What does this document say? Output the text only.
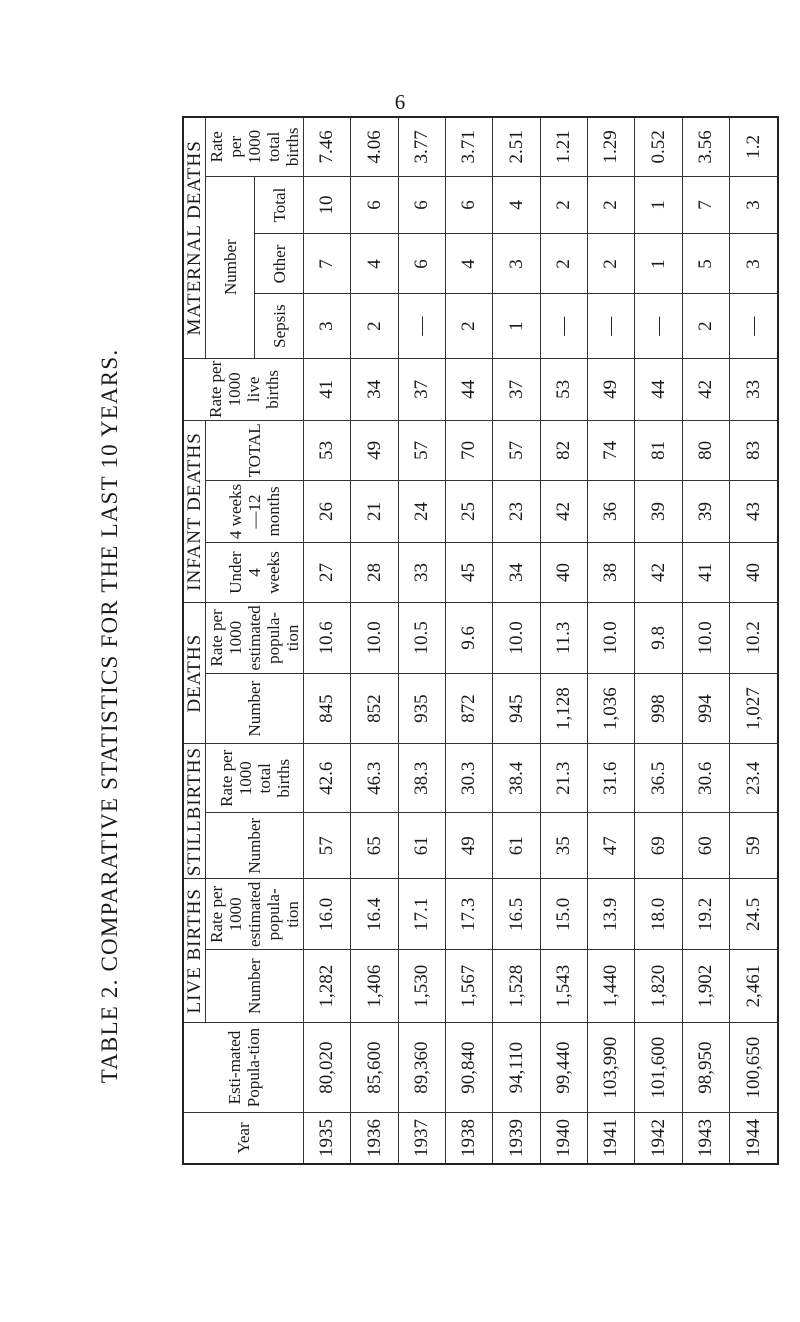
6
TABLE 2. COMPARATIVE STATISTICS FOR THE LAST 10 YEARS.
Year	Esti-mated Popula-tion	LIVE BIRTHS		STILLBIRTHS		DEATHS		INFANT DEATHS			Rate per 1000 live births	MATERNAL DEATHS			
		Number	Rate per 1000 estimated popula-tion	Number	Rate per 1000 total births	Number	Rate per 1000 estimated popula-tion	Under 4 weeks	4 weeks —12 months	TOTAL		Number			Rate per 1000 total births
												Sepsis	Other	Total	
1935	80,020	1,282	16.0	57	42.6	845	10.6	27	26	53	41	3	7	10	7.46
1936	85,600	1,406	16.4	65	46.3	852	10.0	28	21	49	34	2	4	6	4.06
1937	89,360	1,530	17.1	61	38.3	935	10.5	33	24	57	37	—	6	6	3.77
1938	90,840	1,567	17.3	49	30.3	872	9.6	45	25	70	44	2	4	6	3.71
1939	94,110	1,528	16.5	61	38.4	945	10.0	34	23	57	37	1	3	4	2.51
1940	99,440	1,543	15.0	35	21.3	1,128	11.3	40	42	82	53	—	2	2	1.21
1941	103,990	1,440	13.9	47	31.6	1,036	10.0	38	36	74	49	—	2	2	1.29
1942	101,600	1,820	18.0	69	36.5	998	9.8	42	39	81	44	—	1	1	0.52
1943	98,950	1,902	19.2	60	30.6	994	10.0	41	39	80	42	2	5	7	3.56
1944	100,650	2,461	24.5	59	23.4	1,027	10.2	40	43	83	33	—	3	3	1.2
